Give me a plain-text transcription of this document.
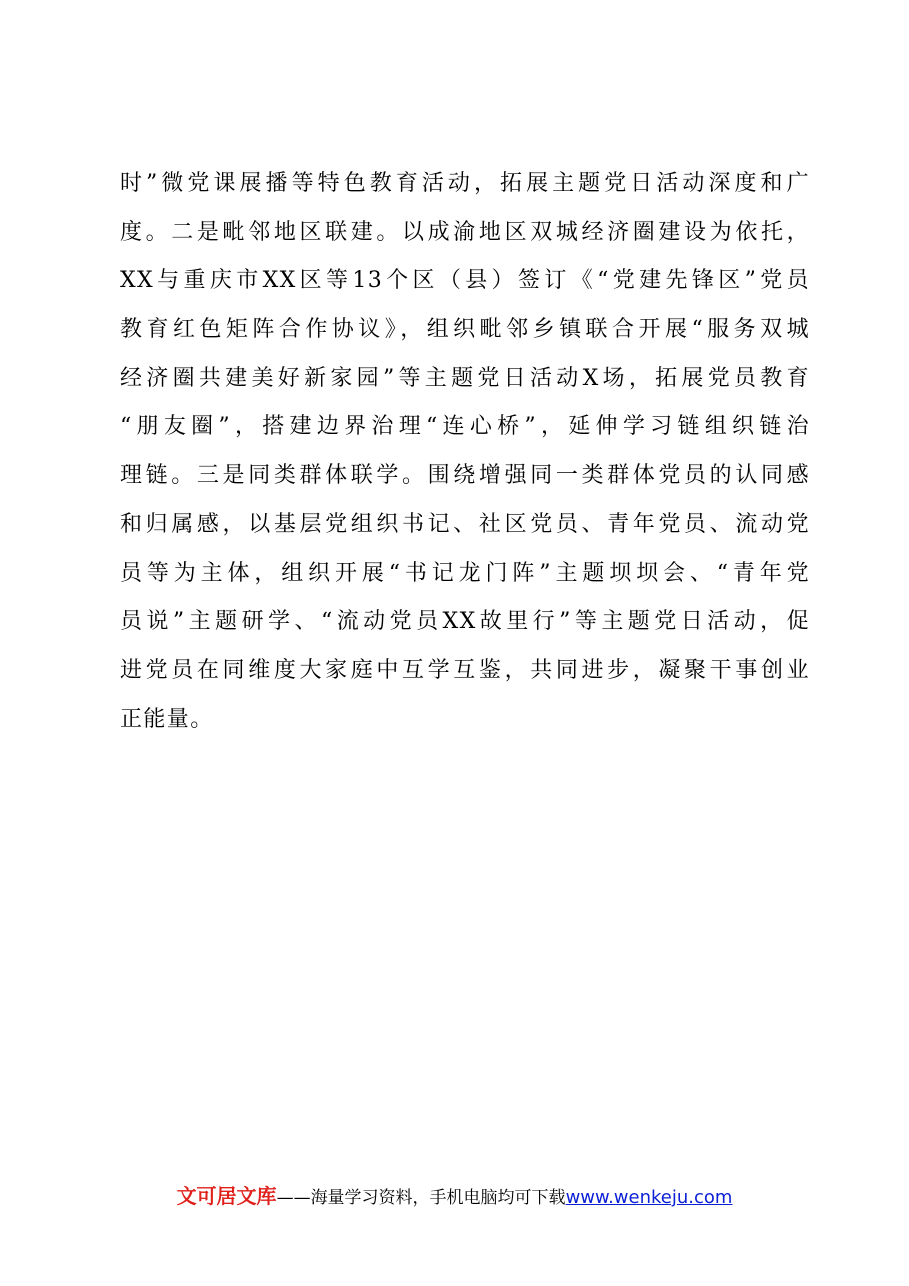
时”微党课展播等特色教育活动，拓展主题党日活动深度和广
度。二是毗邻地区联建。以成渝地区双城经济圈建设为依托，
XX与重庆市XX区等13个区（县）签订《“党建先锋区”党员
教育红色矩阵合作协议》，组织毗邻乡镇联合开展“服务双城
经济圈共建美好新家园”等主题党日活动X场，拓展党员教育
“朋友圈”，搭建边界治理“连心桥”，延伸学习链组织链治
理链。三是同类群体联学。围绕增强同一类群体党员的认同感
和归属感，以基层党组织书记、社区党员、青年党员、流动党
员等为主体，组织开展“书记龙门阵”主题坝坝会、“青年党
员说”主题研学、“流动党员XX故里行”等主题党日活动，促
进党员在同维度大家庭中互学互鉴，共同进步，凝聚干事创业
正能量。
文可居文库——海量学习资料，手机电脑均可下载www.wenkeju.com
